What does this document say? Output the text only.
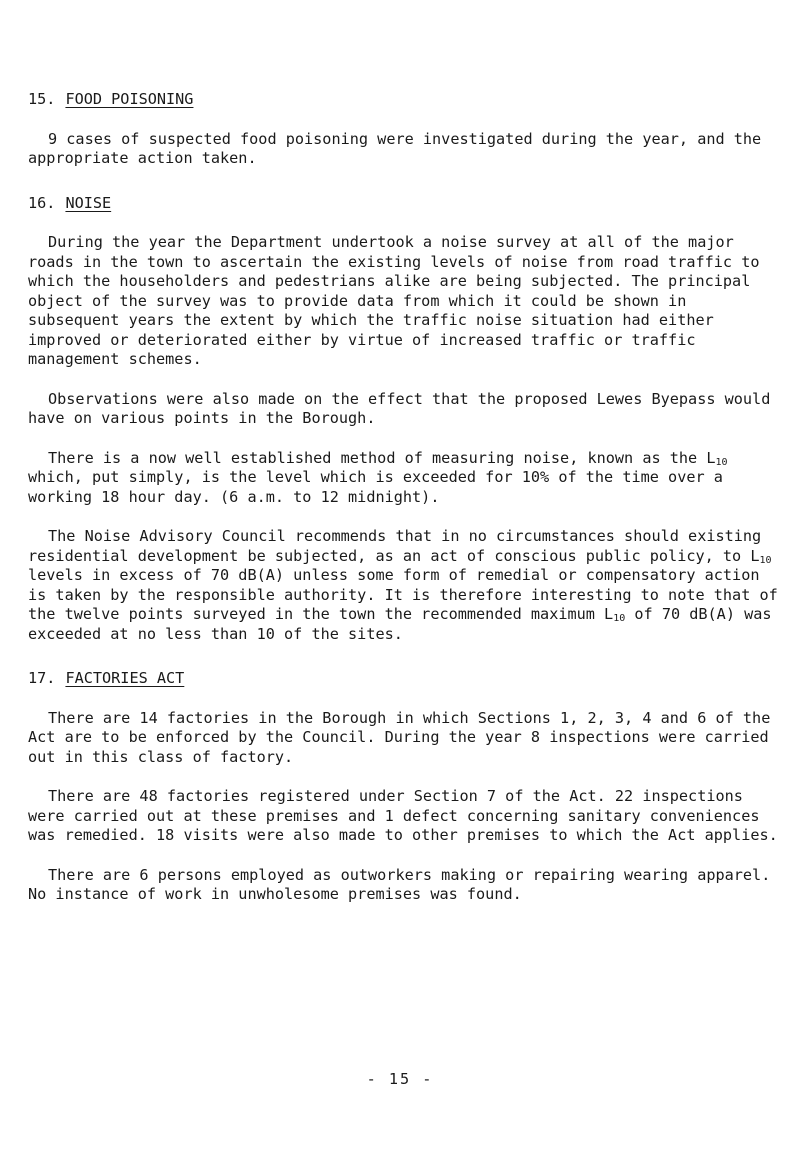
15. FOOD POISONING

9 cases of suspected food poisoning were investigated during the year, and the appropriate action taken.

16. NOISE

During the year the Department undertook a noise survey at all of the major roads in the town to ascertain the existing levels of noise from road traffic to which the householders and pedestrians alike are being subjected. The principal object of the survey was to provide data from which it could be shown in subsequent years the extent by which the traffic noise situation had either improved or deteriorated either by virtue of increased traffic or traffic management schemes.

Observations were also made on the effect that the proposed Lewes Byepass would have on various points in the Borough.

There is a now well established method of measuring noise, known as the $L_{10}$ which, put simply, is the level which is exceeded for 10% of the time over a working 18 hour day. (6 a.m. to 12 midnight).

The Noise Advisory Council recommends that in no circumstances should existing residential development be subjected, as an act of conscious public policy, to $L_{10}$ levels in excess of 70 dB(A) unless some form of remedial or compensatory action is taken by the responsible authority. It is therefore interesting to note that of the twelve points surveyed in the town the recommended maximum $L_{10}$ of 70 dB(A) was exceeded at no less than 10 of the sites.

17. FACTORIES ACT

There are 14 factories in the Borough in which Sections 1, 2, 3, 4 and 6 of the Act are to be enforced by the Council. During the year 8 inspections were carried out in this class of factory.

There are 48 factories registered under Section 7 of the Act. 22 inspections were carried out at these premises and 1 defect concerning sanitary conveniences was remedied. 18 visits were also made to other premises to which the Act applies.

There are 6 persons employed as outworkers making or repairing wearing apparel. No instance of work in unwholesome premises was found.

- 15 -
